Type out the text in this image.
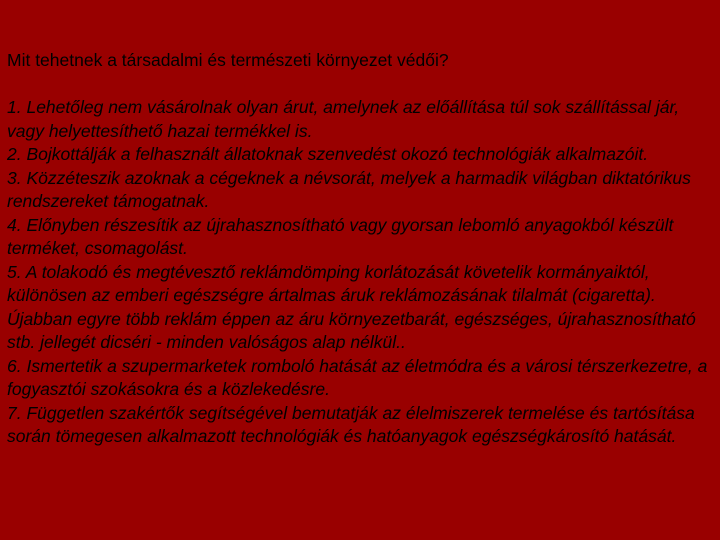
Mit tehetnek a társadalmi és természeti környezet védői?

1. Lehetőleg nem vásárolnak olyan árut, amelynek az előállítása túl sok szállítással jár, vagy helyettesíthető hazai termékkel is.

2. Bojkottálják a felhasznált állatoknak szenvedést okozó technológiák alkalmazóit.

3. Közzéteszik azoknak a cégeknek a névsorát, melyek a harmadik világban diktatórikus rendszereket támogatnak.

4. Előnyben részesítik az újrahasznosítható vagy gyorsan lebomló anyagokból készült terméket, csomagolást.

5. A tolakodó és megtévesztő reklámdömping korlátozását követelik kormányaiktól, különösen az emberi egészségre ártalmas áruk reklámozásának tilalmát (cigaretta). Újabban egyre több reklám éppen az áru környezetbarát, egészséges, újrahasznosítható stb. jellegét dicséri - minden valóságos alap nélkül..

6. Ismertetik a szupermarketek romboló hatását az életmódra és a városi térszerkezetre, a fogyasztói szokásokra és a közlekedésre.

7. Független szakértők segítségével bemutatják az élelmiszerek termelése és tartósítása során tömegesen alkalmazott technológiák és hatóanyagok egészségkárosító hatását.
